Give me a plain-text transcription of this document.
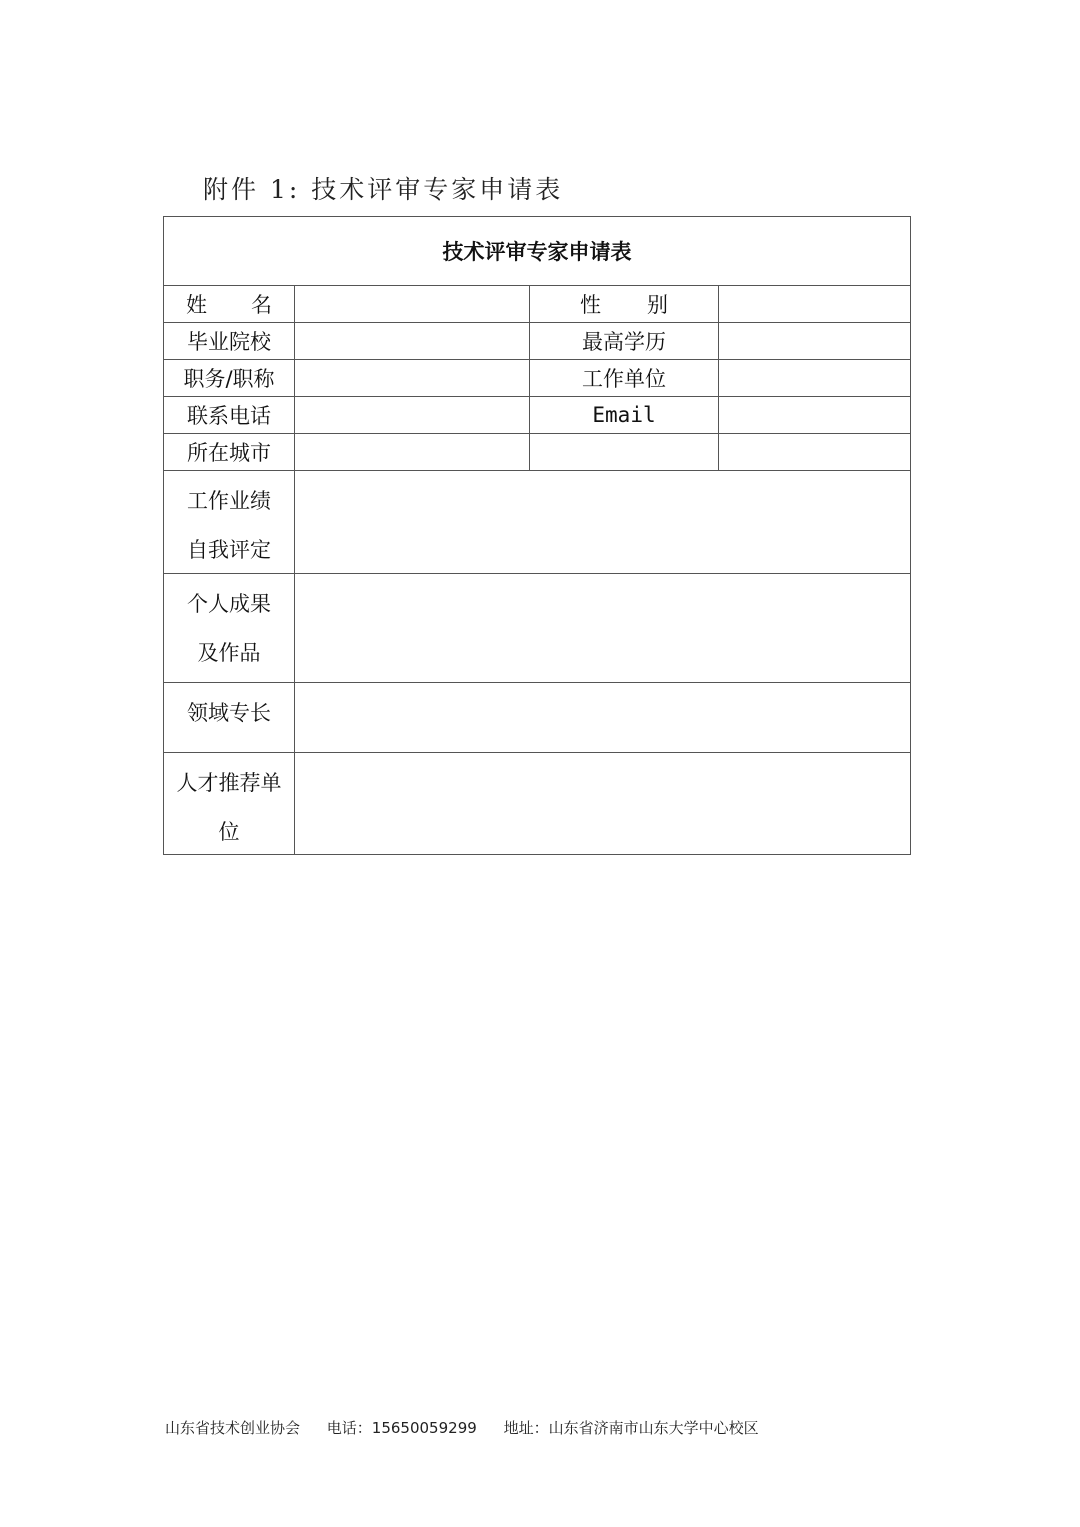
附件 1: 技术评审专家申请表
技术评审专家申请表			
姓　　名		性　　别	
毕业院校		最高学历	
职务/职称		工作单位	
联系电话		Email	
所在城市			

工作业绩
自我评定			

个人成果
及作品			

领域专长			

人才推荐单
位			

山东省技术创业协会 电话：15650059299 地址：山东省济南市山东大学中心校区
